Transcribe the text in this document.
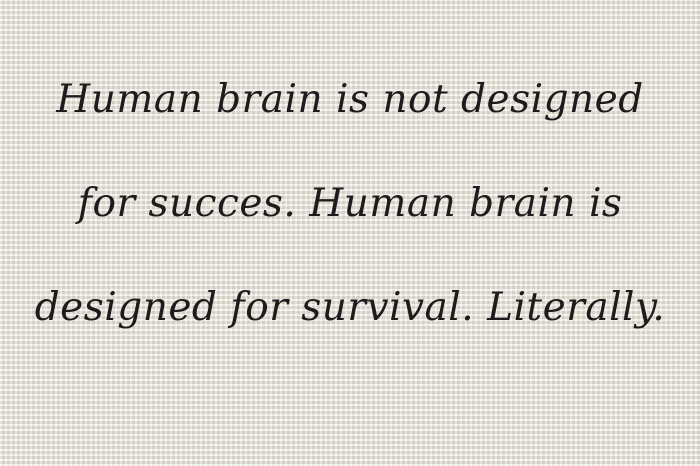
Human brain is not designed
for succes. Human brain is
designed for survival. Literally.
